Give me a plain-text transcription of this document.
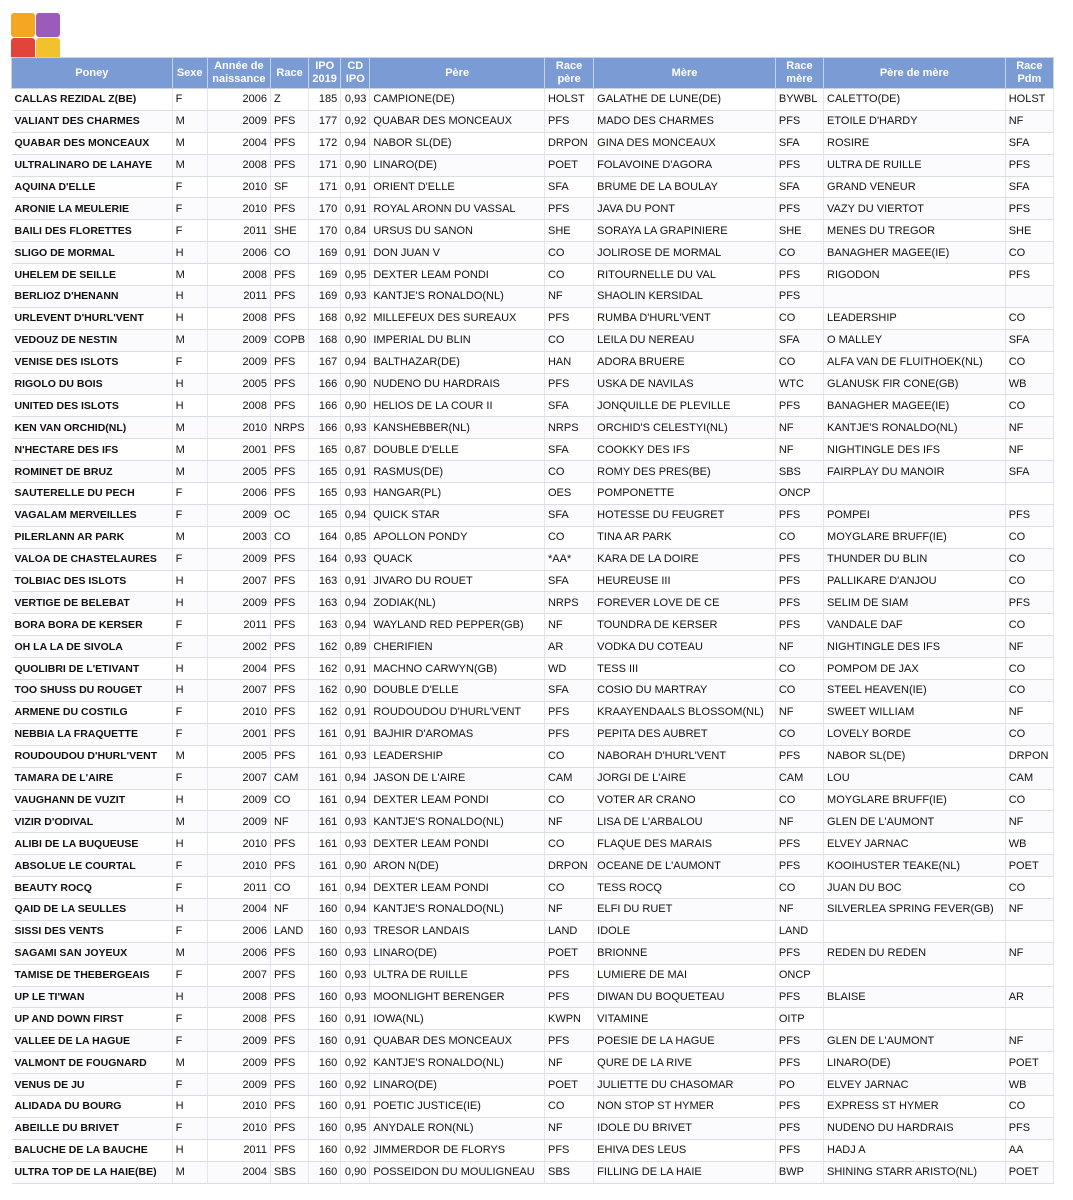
Poney	Sexe	Année de naissance	Race	IPO 2019	CD IPO	Père	Race père	Mère	Race mère	Père de mère	Race Pdm
CALLAS REZIDAL Z(BE)	F	2006	Z	185	0,93	CAMPIONE(DE)	HOLST	GALATHE DE LUNE(DE)	BYWBL	CALETTO(DE)	HOLST
VALIANT DES CHARMES	M	2009	PFS	177	0,92	QUABAR DES MONCEAUX	PFS	MADO DES CHARMES	PFS	ETOILE D'HARDY	NF
QUABAR DES MONCEAUX	M	2004	PFS	172	0,94	NABOR SL(DE)	DRPON	GINA DES MONCEAUX	SFA	ROSIRE	SFA
ULTRALINARO DE LAHAYE	M	2008	PFS	171	0,90	LINARO(DE)	POET	FOLAVOINE D'AGORA	PFS	ULTRA DE RUILLE	PFS
AQUINA D'ELLE	F	2010	SF	171	0,91	ORIENT D'ELLE	SFA	BRUME DE LA BOULAY	SFA	GRAND VENEUR	SFA
ARONIE LA MEULERIE	F	2010	PFS	170	0,91	ROYAL ARONN DU VASSAL	PFS	JAVA DU PONT	PFS	VAZY DU VIERTOT	PFS
BAILI DES FLORETTES	F	2011	SHE	170	0,84	URSUS DU SANON	SHE	SORAYA LA GRAPINIERE	SHE	MENES DU TREGOR	SHE
SLIGO DE MORMAL	H	2006	CO	169	0,91	DON JUAN V	CO	JOLIROSE DE MORMAL	CO	BANAGHER MAGEE(IE)	CO
UHELEM DE SEILLE	M	2008	PFS	169	0,95	DEXTER LEAM PONDI	CO	RITOURNELLE DU VAL	PFS	RIGODON	PFS
BERLIOZ D'HENANN	H	2011	PFS	169	0,93	KANTJE'S RONALDO(NL)	NF	SHAOLIN KERSIDAL	PFS		
URLEVENT D'HURL'VENT	H	2008	PFS	168	0,92	MILLEFEUX DES SUREAUX	PFS	RUMBA D'HURL'VENT	CO	LEADERSHIP	CO
VEDOUZ DE NESTIN	M	2009	COPB	168	0,90	IMPERIAL DU BLIN	CO	LEILA DU NEREAU	SFA	O MALLEY	SFA
VENISE DES ISLOTS	F	2009	PFS	167	0,94	BALTHAZAR(DE)	HAN	ADORA BRUERE	CO	ALFA VAN DE FLUITHOEK(NL)	CO
RIGOLO DU BOIS	H	2005	PFS	166	0,90	NUDENO DU HARDRAIS	PFS	USKA DE NAVILAS	WTC	GLANUSK FIR CONE(GB)	WB
UNITED DES ISLOTS	H	2008	PFS	166	0,90	HELIOS DE LA COUR II	SFA	JONQUILLE DE PLEVILLE	PFS	BANAGHER MAGEE(IE)	CO
KEN VAN ORCHID(NL)	M	2010	NRPS	166	0,93	KANSHEBBER(NL)	NRPS	ORCHID'S CELESTYI(NL)	NF	KANTJE'S RONALDO(NL)	NF
N'HECTARE DES IFS	M	2001	PFS	165	0,87	DOUBLE D'ELLE	SFA	COOKKY DES IFS	NF	NIGHTINGLE DES IFS	NF
ROMINET DE BRUZ	M	2005	PFS	165	0,91	RASMUS(DE)	CO	ROMY DES PRES(BE)	SBS	FAIRPLAY DU MANOIR	SFA
SAUTERELLE DU PECH	F	2006	PFS	165	0,93	HANGAR(PL)	OES	POMPONETTE	ONCP		
VAGALAM MERVEILLES	F	2009	OC	165	0,94	QUICK STAR	SFA	HOTESSE DU FEUGRET	PFS	POMPEI	PFS
PILERLANN AR PARK	M	2003	CO	164	0,85	APOLLON PONDY	CO	TINA AR PARK	CO	MOYGLARE BRUFF(IE)	CO
VALOA DE CHASTELAURES	F	2009	PFS	164	0,93	QUACK	*AA*	KARA DE LA DOIRE	PFS	THUNDER DU BLIN	CO
TOLBIAC DES ISLOTS	H	2007	PFS	163	0,91	JIVARO DU ROUET	SFA	HEUREUSE III	PFS	PALLIKARE D'ANJOU	CO
VERTIGE DE BELEBAT	H	2009	PFS	163	0,94	ZODIAK(NL)	NRPS	FOREVER LOVE DE CE	PFS	SELIM DE SIAM	PFS
BORA BORA DE KERSER	F	2011	PFS	163	0,94	WAYLAND RED PEPPER(GB)	NF	TOUNDRA DE KERSER	PFS	VANDALE DAF	CO
OH LA LA DE SIVOLA	F	2002	PFS	162	0,89	CHERIFIEN	AR	VODKA DU COTEAU	NF	NIGHTINGLE DES IFS	NF
QUOLIBRI DE L'ETIVANT	H	2004	PFS	162	0,91	MACHNO CARWYN(GB)	WD	TESS III	CO	POMPOM DE JAX	CO
TOO SHUSS DU ROUGET	H	2007	PFS	162	0,90	DOUBLE D'ELLE	SFA	COSIO DU MARTRAY	CO	STEEL HEAVEN(IE)	CO
ARMENE DU COSTILG	F	2010	PFS	162	0,91	ROUDOUDOU D'HURL'VENT	PFS	KRAAYENDAALS BLOSSOM(NL)	NF	SWEET WILLIAM	NF
NEBBIA LA FRAQUETTE	F	2001	PFS	161	0,91	BAJHIR D'AROMAS	PFS	PEPITA DES AUBRET	CO	LOVELY BORDE	CO
ROUDOUDOU D'HURL'VENT	M	2005	PFS	161	0,93	LEADERSHIP	CO	NABORAH D'HURL'VENT	PFS	NABOR SL(DE)	DRPON
TAMARA DE L'AIRE	F	2007	CAM	161	0,94	JASON DE L'AIRE	CAM	JORGI DE L'AIRE	CAM	LOU	CAM
VAUGHANN DE VUZIT	H	2009	CO	161	0,94	DEXTER LEAM PONDI	CO	VOTER AR CRANO	CO	MOYGLARE BRUFF(IE)	CO
VIZIR D'ODIVAL	M	2009	NF	161	0,93	KANTJE'S RONALDO(NL)	NF	LISA DE L'ARBALOU	NF	GLEN DE L'AUMONT	NF
ALIBI DE LA BUQUEUSE	H	2010	PFS	161	0,93	DEXTER LEAM PONDI	CO	FLAQUE DES MARAIS	PFS	ELVEY JARNAC	WB
ABSOLUE LE COURTAL	F	2010	PFS	161	0,90	ARON N(DE)	DRPON	OCEANE DE L'AUMONT	PFS	KOOIHUSTER TEAKE(NL)	POET
BEAUTY ROCQ	F	2011	CO	161	0,94	DEXTER LEAM PONDI	CO	TESS ROCQ	CO	JUAN DU BOC	CO
QAID DE LA SEULLES	H	2004	NF	160	0,94	KANTJE'S RONALDO(NL)	NF	ELFI DU RUET	NF	SILVERLEA SPRING FEVER(GB)	NF
SISSI DES VENTS	F	2006	LAND	160	0,93	TRESOR LANDAIS	LAND	IDOLE	LAND		
SAGAMI SAN JOYEUX	M	2006	PFS	160	0,93	LINARO(DE)	POET	BRIONNE	PFS	REDEN DU REDEN	NF
TAMISE DE THEBERGEAIS	F	2007	PFS	160	0,93	ULTRA DE RUILLE	PFS	LUMIERE DE MAI	ONCP		
UP LE TI'WAN	H	2008	PFS	160	0,93	MOONLIGHT BERENGER	PFS	DIWAN DU BOQUETEAU	PFS	BLAISE	AR
UP AND DOWN FIRST	F	2008	PFS	160	0,91	IOWA(NL)	KWPN	VITAMINE	OITP		
VALLEE DE LA HAGUE	F	2009	PFS	160	0,91	QUABAR DES MONCEAUX	PFS	POESIE DE LA HAGUE	PFS	GLEN DE L'AUMONT	NF
VALMONT DE FOUGNARD	M	2009	PFS	160	0,92	KANTJE'S RONALDO(NL)	NF	QURE DE LA RIVE	PFS	LINARO(DE)	POET
VENUS DE JU	F	2009	PFS	160	0,92	LINARO(DE)	POET	JULIETTE DU CHASOMAR	PO	ELVEY JARNAC	WB
ALIDADA DU BOURG	H	2010	PFS	160	0,91	POETIC JUSTICE(IE)	CO	NON STOP ST HYMER	PFS	EXPRESS ST HYMER	CO
ABEILLE DU BRIVET	F	2010	PFS	160	0,95	ANYDALE RON(NL)	NF	IDOLE DU BRIVET	PFS	NUDENO DU HARDRAIS	PFS
BALUCHE DE LA BAUCHE	H	2011	PFS	160	0,92	JIMMERDOR DE FLORYS	PFS	EHIVA DES LEUS	PFS	HADJ A	AA
ULTRA TOP DE LA HAIE(BE)	M	2004	SBS	160	0,90	POSSEIDON DU MOULIGNEAU	SBS	FILLING DE LA HAIE	BWP	SHINING STARR ARISTO(NL)	POET
